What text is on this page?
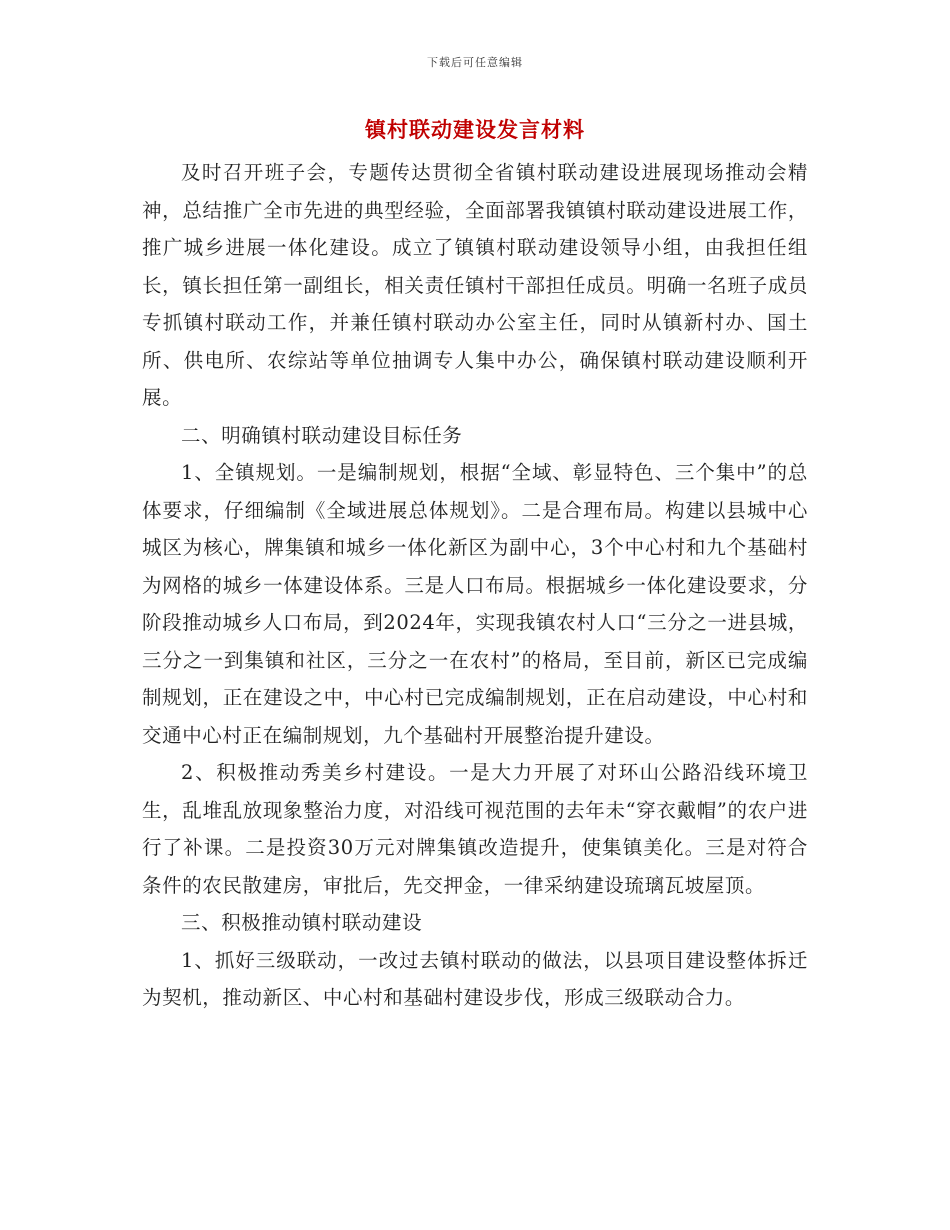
下载后可任意编辑
镇村联动建设发言材料

及时召开班子会，专题传达贯彻全省镇村联动建设进展现场推动会精神，总结推广全市先进的典型经验，全面部署我镇镇村联动建设进展工作，推广城乡进展一体化建设。成立了镇镇村联动建设领导小组，由我担任组长，镇长担任第一副组长，相关责任镇村干部担任成员。明确一名班子成员专抓镇村联动工作，并兼任镇村联动办公室主任，同时从镇新村办、国土所、供电所、农综站等单位抽调专人集中办公，确保镇村联动建设顺利开展。

二、明确镇村联动建设目标任务

1、全镇规划。一是编制规划，根据“全域、彰显特色、三个集中”的总体要求，仔细编制《全域进展总体规划》。二是合理布局。构建以县城中心城区为核心，牌集镇和城乡一体化新区为副中心，3个中心村和九个基础村为网格的城乡一体建设体系。三是人口布局。根据城乡一体化建设要求，分阶段推动城乡人口布局，到2024年，实现我镇农村人口“三分之一进县城，三分之一到集镇和社区，三分之一在农村”的格局，至目前，新区已完成编制规划，正在建设之中，中心村已完成编制规划，正在启动建设，中心村和交通中心村正在编制规划，九个基础村开展整治提升建设。

2、积极推动秀美乡村建设。一是大力开展了对环山公路沿线环境卫生，乱堆乱放现象整治力度，对沿线可视范围的去年未“穿衣戴帽”的农户进行了补课。二是投资30万元对牌集镇改造提升，使集镇美化。三是对符合条件的农民散建房，审批后，先交押金，一律采纳建设琉璃瓦坡屋顶。

三、积极推动镇村联动建设

1、抓好三级联动，一改过去镇村联动的做法，以县项目建设整体拆迁为契机，推动新区、中心村和基础村建设步伐，形成三级联动合力。
